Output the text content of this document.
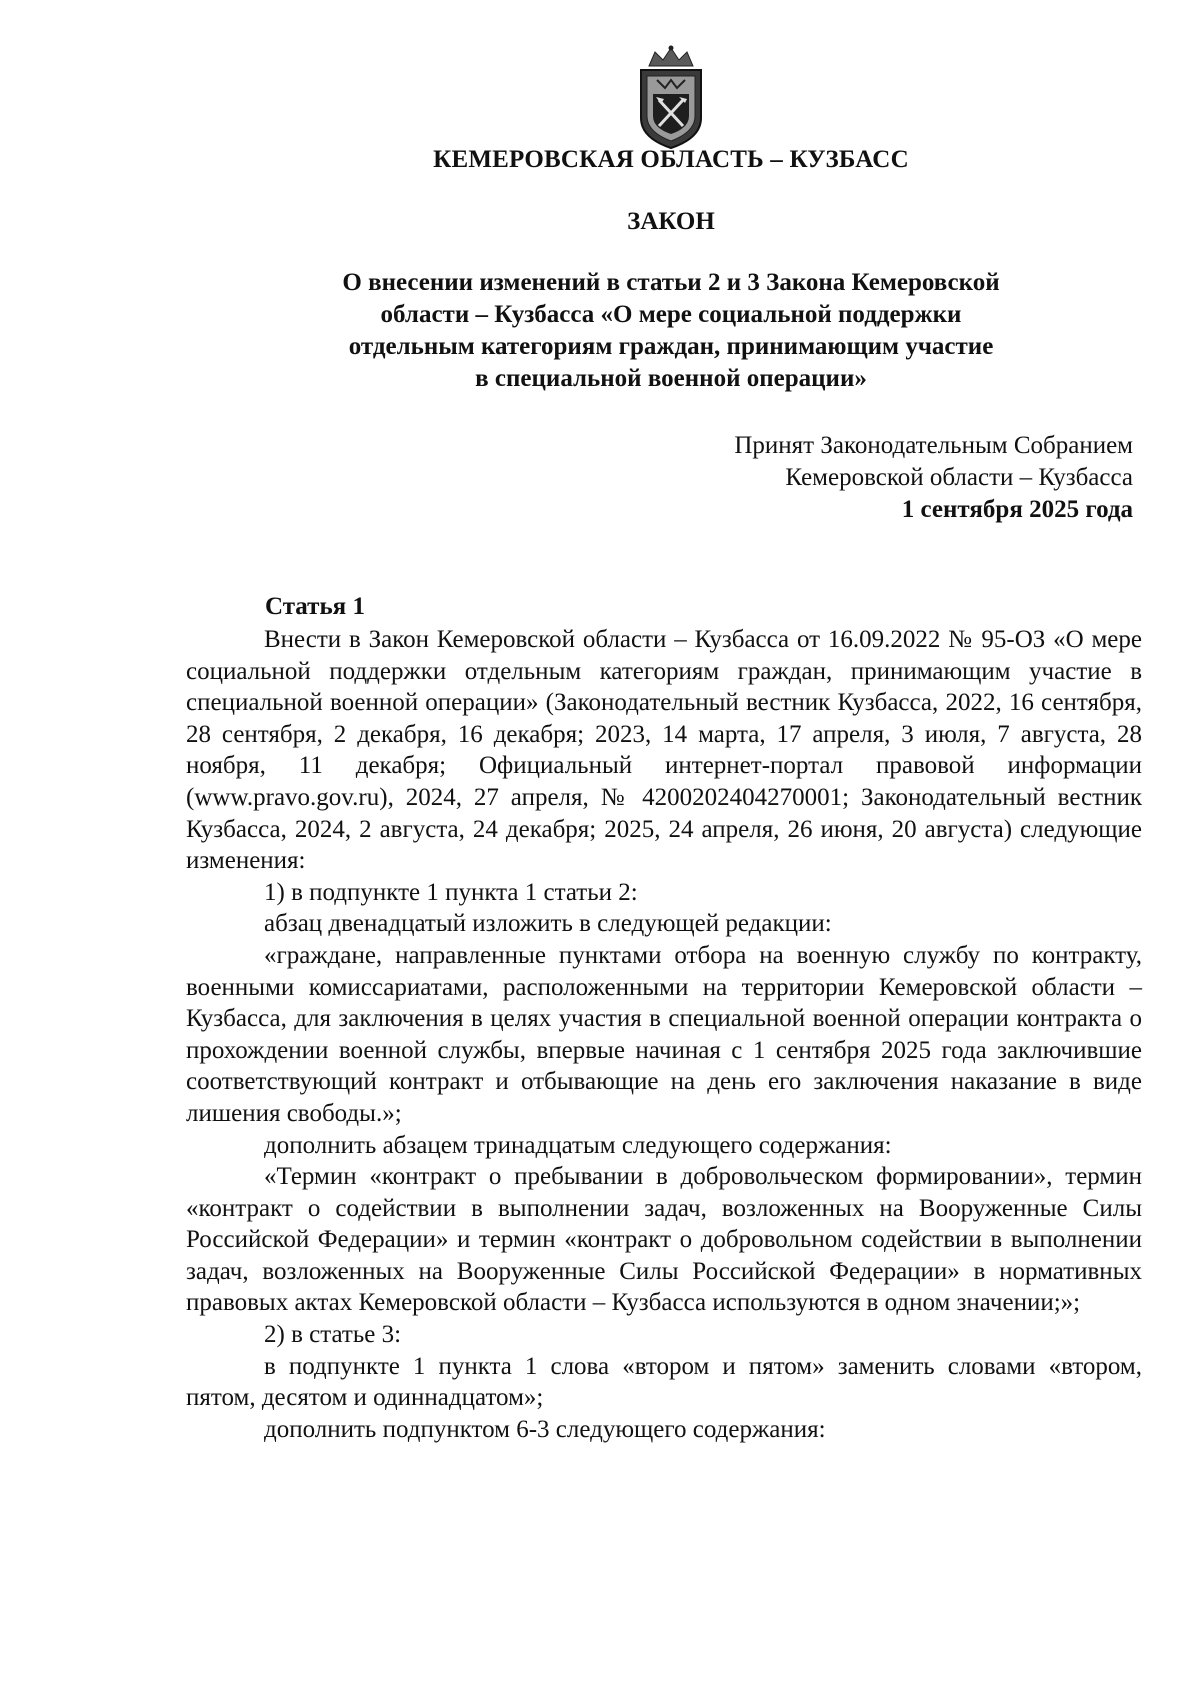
КЕМЕРОВСКАЯ ОБЛАСТЬ – КУЗБАСС
ЗАКОН
О внесении изменений в статьи 2 и 3 Закона Кемеровской
области – Кузбасса «О мере социальной поддержки
отдельным категориям граждан, принимающим участие
в специальной военной операции»
Принят Законодательным Собранием
Кемеровской области – Кузбасса
1 сентября 2025 года
Статья 1

Внести в Закон Кемеровской области – Кузбасса от 16.09.2022 № 95-ОЗ «О мере социальной поддержки отдельным категориям граждан, принимающим участие в специальной военной операции» (Законодательный вестник Кузбасса, 2022, 16 сентября, 28 сентября, 2 декабря, 16 декабря; 2023, 14 марта, 17 апреля, 3 июля, 7 августа, 28 ноября, 11 декабря; Официальный интернет-портал правовой информации (www.pravo.gov.ru), 2024, 27 апреля, № 4200202404270001; Законодательный вестник Кузбасса, 2024, 2 августа, 24 декабря; 2025, 24 апреля, 26 июня, 20 августа) следующие изменения:

1) в подпункте 1 пункта 1 статьи 2:

абзац двенадцатый изложить в следующей редакции:

«граждане, направленные пунктами отбора на военную службу по контракту, военными комиссариатами, расположенными на территории Кемеровской области – Кузбасса, для заключения в целях участия в специальной военной операции контракта о прохождении военной службы, впервые начиная с 1 сентября 2025 года заключившие соответствующий контракт и отбывающие на день его заключения наказание в виде лишения свободы.»;

дополнить абзацем тринадцатым следующего содержания:

«Термин «контракт о пребывании в добровольческом формировании», термин «контракт о содействии в выполнении задач, возложенных на Вооруженные Силы Российской Федерации» и термин «контракт о добровольном содействии в выполнении задач, возложенных на Вооруженные Силы Российской Федерации» в нормативных правовых актах Кемеровской области – Кузбасса используются в одном значении;»;

2) в статье 3:

в подпункте 1 пункта 1 слова «втором и пятом» заменить словами «втором, пятом, десятом и одиннадцатом»;

дополнить подпунктом 6-3 следующего содержания:
